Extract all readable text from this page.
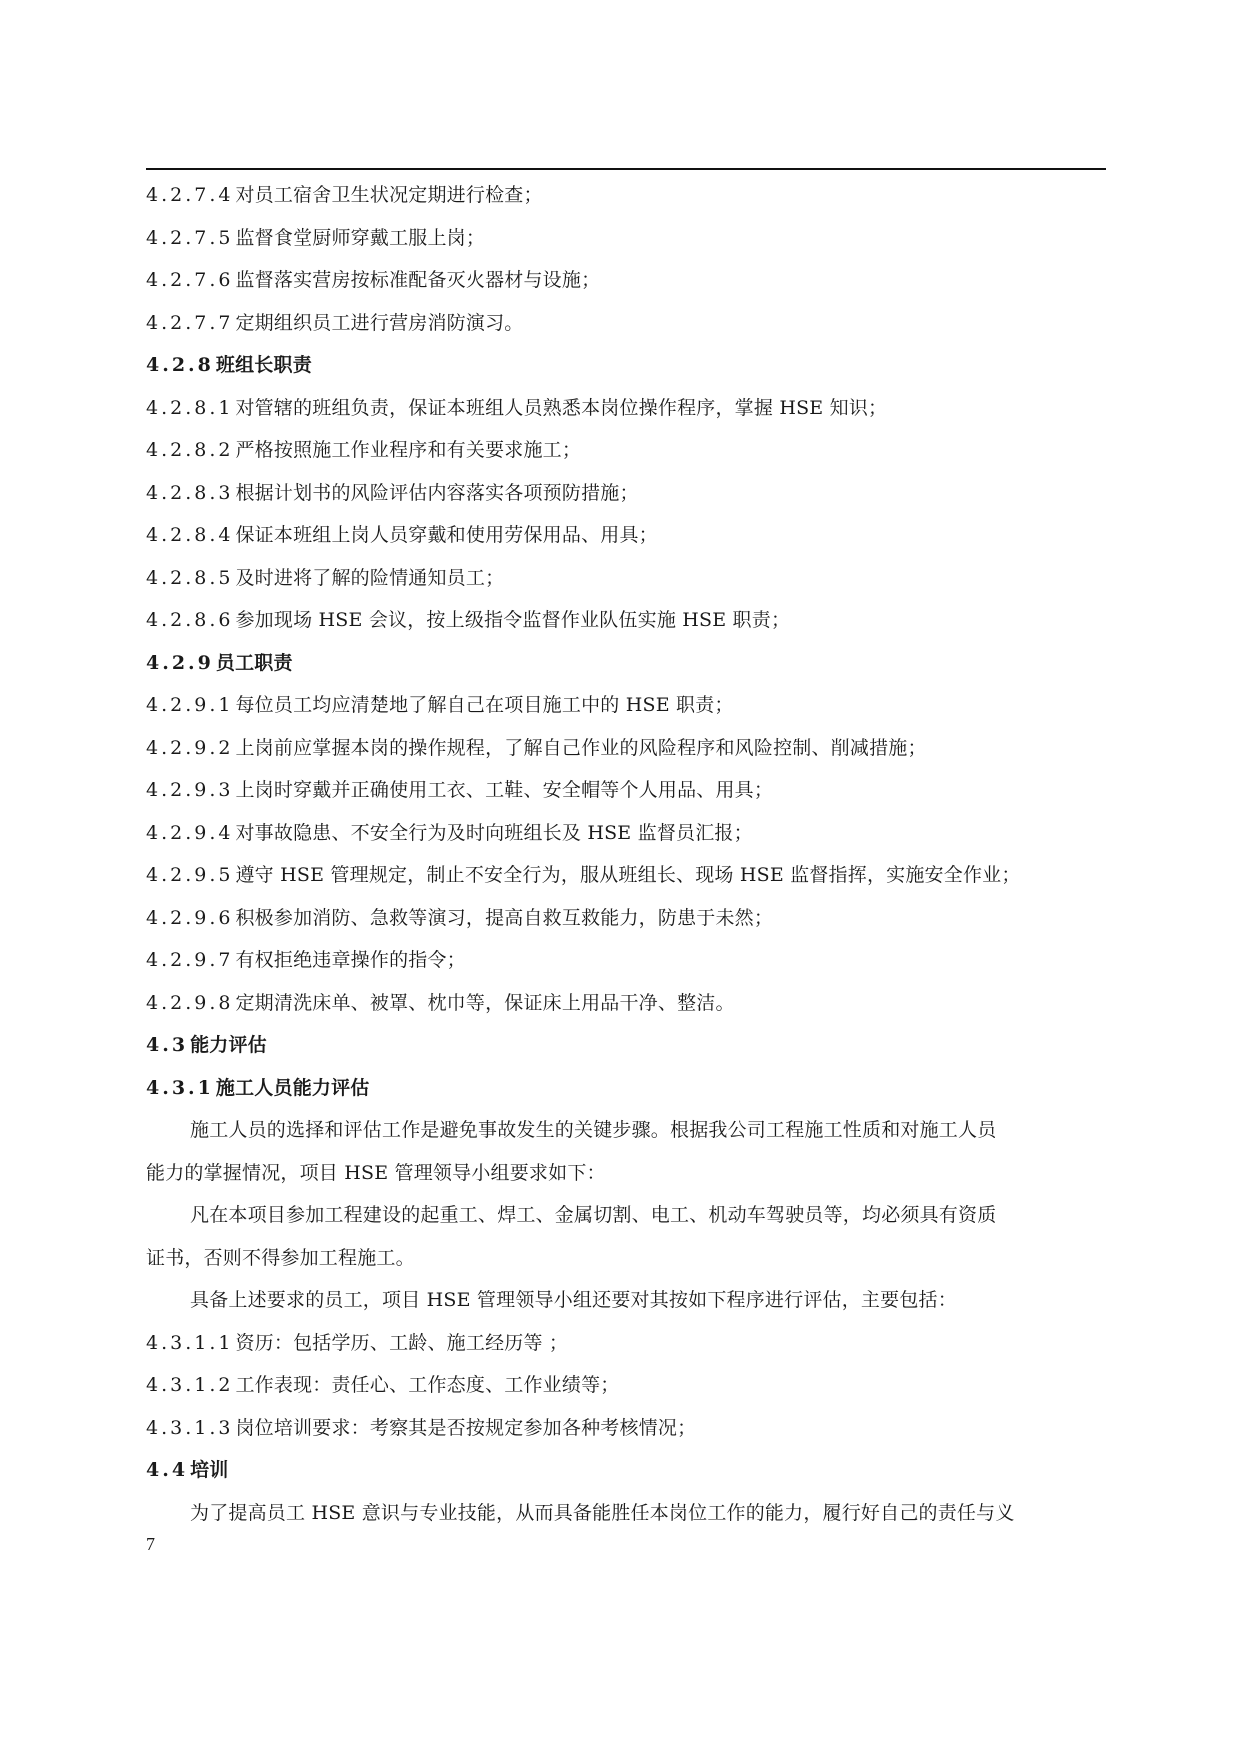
4.2.7.4 对员工宿舍卫生状况定期进行检查；
4.2.7.5 监督食堂厨师穿戴工服上岗；
4.2.7.6 监督落实营房按标准配备灭火器材与设施；
4.2.7.7 定期组织员工进行营房消防演习。
4.2.8 班组长职责
4.2.8.1 对管辖的班组负责，保证本班组人员熟悉本岗位操作程序，掌握 HSE 知识；
4.2.8.2 严格按照施工作业程序和有关要求施工；
4.2.8.3 根据计划书的风险评估内容落实各项预防措施；
4.2.8.4 保证本班组上岗人员穿戴和使用劳保用品、用具；
4.2.8.5 及时进将了解的险情通知员工；
4.2.8.6 参加现场 HSE 会议，按上级指令监督作业队伍实施 HSE 职责；
4.2.9 员工职责
4.2.9.1 每位员工均应清楚地了解自己在项目施工中的 HSE 职责；
4.2.9.2 上岗前应掌握本岗的操作规程，了解自己作业的风险程序和风险控制、削减措施；
4.2.9.3 上岗时穿戴并正确使用工衣、工鞋、安全帽等个人用品、用具；
4.2.9.4 对事故隐患、不安全行为及时向班组长及 HSE 监督员汇报；
4.2.9.5 遵守 HSE 管理规定，制止不安全行为，服从班组长、现场 HSE 监督指挥，实施安全作业；
4.2.9.6 积极参加消防、急救等演习，提高自救互救能力，防患于未然；
4.2.9.7 有权拒绝违章操作的指令；
4.2.9.8 定期清洗床单、被罩、枕巾等，保证床上用品干净、整洁。
4.3 能力评估
4.3.1 施工人员能力评估
施工人员的选择和评估工作是避免事故发生的关键步骤。根据我公司工程施工性质和对施工人员
能力的掌握情况，项目 HSE 管理领导小组要求如下：
凡在本项目参加工程建设的起重工、焊工、金属切割、电工、机动车驾驶员等，均必须具有资质
证书，否则不得参加工程施工。
具备上述要求的员工，项目 HSE 管理领导小组还要对其按如下程序进行评估，主要包括：
4.3.1.1 资历：包括学历、工龄、施工经历等 ；
4.3.1.2 工作表现：责任心、工作态度、工作业绩等；
4.3.1.3 岗位培训要求：考察其是否按规定参加各种考核情况；
4.4 培训
为了提高员工 HSE 意识与专业技能，从而具备能胜任本岗位工作的能力，履行好自己的责任与义
7
